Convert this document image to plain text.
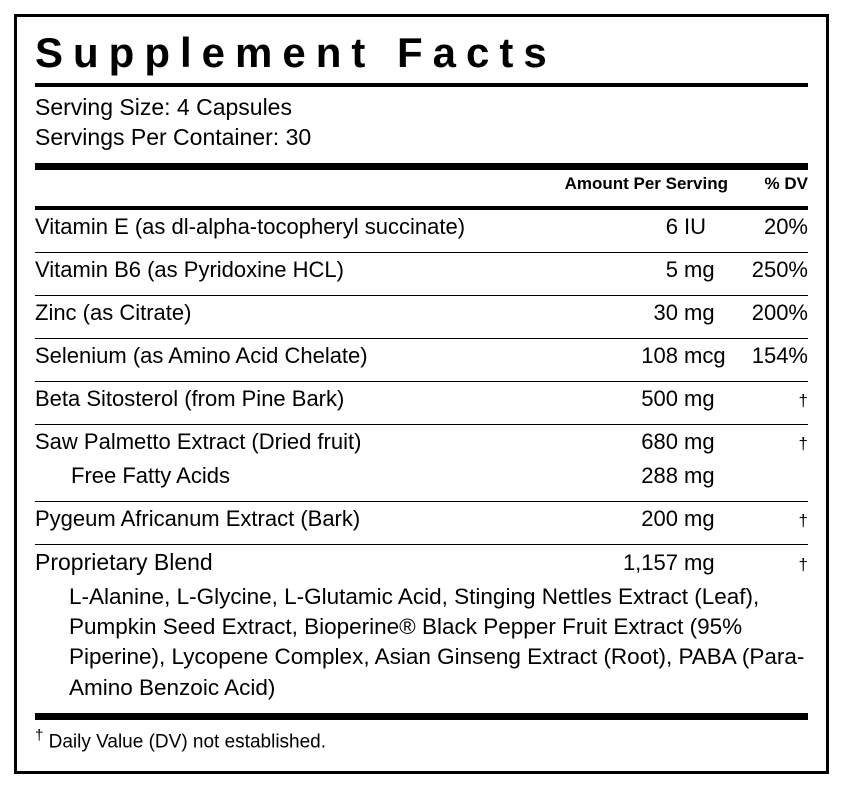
Supplement Facts
Serving Size: 4 Capsules
Servings Per Container: 30
	Amount Per Serving	% DV

Vitamin E (as dl-alpha-tocopheryl succinate)	6 IU	20%

Vitamin B6 (as Pyridoxine HCL)	5 mg	250%

Zinc (as Citrate)	30 mg	200%

Selenium (as Amino Acid Chelate)	108 mcg	154%

Beta Sitosterol (from Pine Bark)	500 mg	†

Saw Palmetto Extract (Dried fruit)	680 mg	†
Free Fatty Acids	288 mg	

Pygeum Africanum Extract (Bark)	200 mg	†

Proprietary Blend	1,157 mg	†
L-Alanine, L-Glycine, L-Glutamic Acid, Stinging Nettles Extract (Leaf), Pumpkin Seed Extract, Bioperine® Black Pepper Fruit Extract (95% Piperine), Lycopene Complex, Asian Ginseng Extract (Root), PABA (Para-Amino Benzoic Acid)		
† Daily Value (DV) not established.
